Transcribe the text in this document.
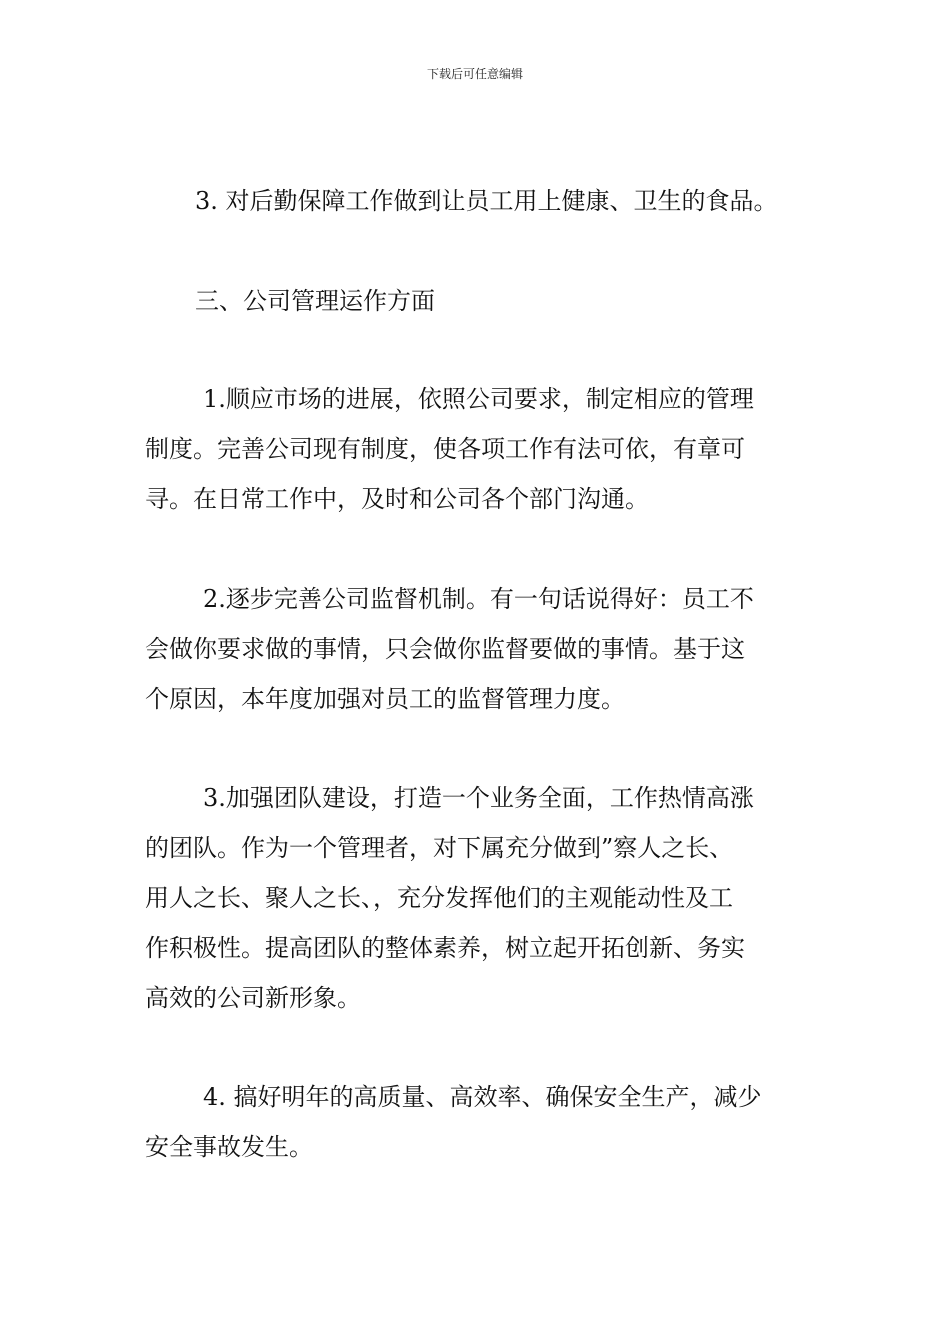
下载后可任意编辑
3. 对后勤保障工作做到让员工用上健康、卫生的食品。
三、公司管理运作方面
1.顺应市场的进展，依照公司要求，制定相应的管理
制度。完善公司现有制度，使各项工作有法可依，有章可
寻。在日常工作中，及时和公司各个部门沟通。
2.逐步完善公司监督机制。有一句话说得好：员工不
会做你要求做的事情，只会做你监督要做的事情。基于这
个原因，本年度加强对员工的监督管理力度。
3.加强团队建设，打造一个业务全面，工作热情高涨
的团队。作为一个管理者，对下属充分做到”察人之长、
用人之长、聚人之长、，充分发挥他们的主观能动性及工
作积极性。提高团队的整体素养，树立起开拓创新、务实
高效的公司新形象。
4. 搞好明年的高质量、高效率、确保安全生产，减少
安全事故发生。
